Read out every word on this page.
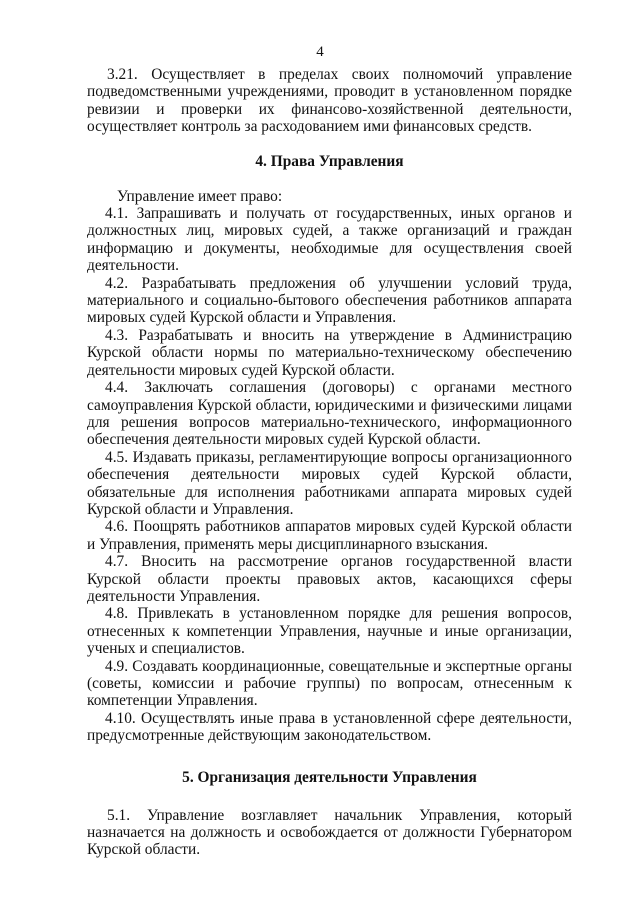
4

3.21. Осуществляет в пределах своих полномочий управление подведомственными учреждениями, проводит в установленном порядке ревизии и проверки их финансово-хозяйственной деятельности, осуществляет контроль за расходованием ими финансовых средств.

4. Права Управления

Управление имеет право:

4.1. Запрашивать и получать от государственных, иных органов и должностных лиц, мировых судей, а также организаций и граждан информацию и документы, необходимые для осуществления своей деятельности.

4.2. Разрабатывать предложения об улучшении условий труда, материального и социально-бытового обеспечения работников аппарата мировых судей Курской области и Управления.

4.3. Разрабатывать и вносить на утверждение в Администрацию Курской области нормы по материально-техническому обеспечению деятельности мировых судей Курской области.

4.4. Заключать соглашения (договоры) с органами местного самоуправления Курской области, юридическими и физическими лицами для решения вопросов материально-технического, информационного обеспечения деятельности мировых судей Курской области.

4.5. Издавать приказы, регламентирующие вопросы организационного обеспечения деятельности мировых судей Курской области, обязательные для исполнения работниками аппарата мировых судей Курской области и Управления.

4.6. Поощрять работников аппаратов мировых судей Курской области и Управления, применять меры дисциплинарного взыскания.

4.7. Вносить на рассмотрение органов государственной власти Курской области проекты правовых актов, касающихся сферы деятельности Управления.

4.8. Привлекать в установленном порядке для решения вопросов, отнесенных к компетенции Управления, научные и иные организации, ученых и специалистов.

4.9. Создавать координационные, совещательные и экспертные органы (советы, комиссии и рабочие группы) по вопросам, отнесенным к компетенции Управления.

4.10. Осуществлять иные права в установленной сфере деятельности, предусмотренные действующим законодательством.

5. Организация деятельности Управления

5.1. Управление возглавляет начальник Управления, который назначается на должность и освобождается от должности Губернатором Курской области.
